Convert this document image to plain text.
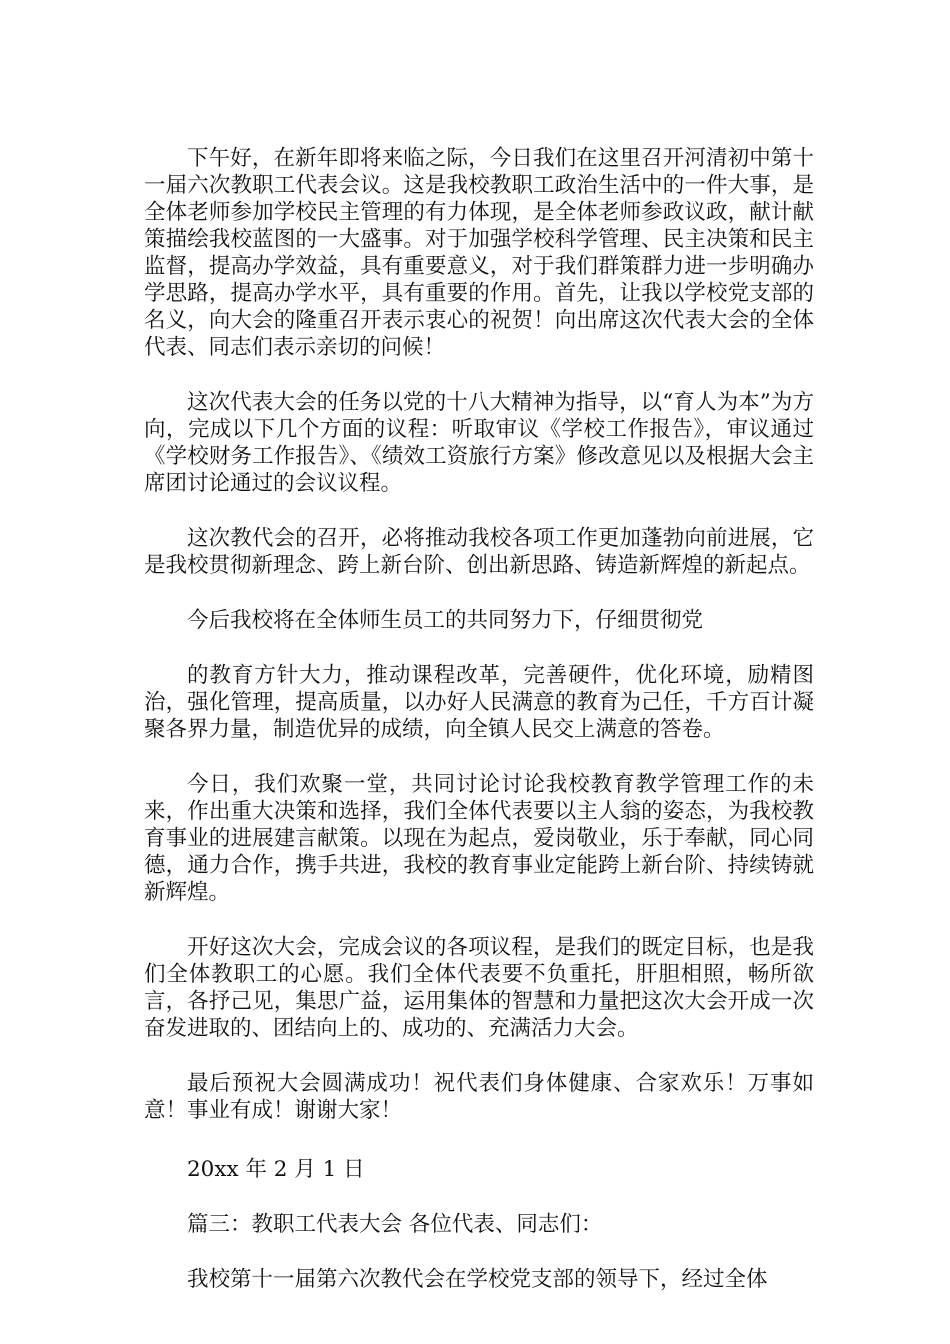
下午好，在新年即将来临之际，今日我们在这里召开河清初中第十一届六次教职工代表会议。这是我校教职工政治生活中的一件大事，是全体老师参加学校民主管理的有力体现，是全体老师参政议政，献计献策描绘我校蓝图的一大盛事。对于加强学校科学管理、民主决策和民主监督，提高办学效益，具有重要意义，对于我们群策群力进一步明确办学思路，提高办学水平，具有重要的作用。首先，让我以学校党支部的名义，向大会的隆重召开表示衷心的祝贺！向出席这次代表大会的全体代表、同志们表示亲切的问候！

这次代表大会的任务以党的十八大精神为指导，以“育人为本”为方向，完成以下几个方面的议程：听取审议《学校工作报告》，审议通过《学校财务工作报告》、《绩效工资旅行方案》修改意见以及根据大会主席团讨论通过的会议议程。

这次教代会的召开，必将推动我校各项工作更加蓬勃向前进展，它是我校贯彻新理念、跨上新台阶、创出新思路、铸造新辉煌的新起点。

今后我校将在全体师生员工的共同努力下，仔细贯彻党

的教育方针大力，推动课程改革，完善硬件，优化环境，励精图治，强化管理，提高质量，以办好人民满意的教育为己任，千方百计凝聚各界力量，制造优异的成绩，向全镇人民交上满意的答卷。

今日，我们欢聚一堂，共同讨论讨论我校教育教学管理工作的未来，作出重大决策和选择，我们全体代表要以主人翁的姿态，为我校教育事业的进展建言献策。以现在为起点，爱岗敬业，乐于奉献，同心同德，通力合作，携手共进，我校的教育事业定能跨上新台阶、持续铸就新辉煌。

开好这次大会，完成会议的各项议程，是我们的既定目标，也是我们全体教职工的心愿。我们全体代表要不负重托，肝胆相照，畅所欲言，各抒己见，集思广益，运用集体的智慧和力量把这次大会开成一次奋发进取的、团结向上的、成功的、充满活力大会。

最后预祝大会圆满成功！祝代表们身体健康、合家欢乐！万事如意！事业有成！谢谢大家！

20xx 年 2 月 1 日

篇三：教职工代表大会 各位代表、同志们：

我校第十一届第六次教代会在学校党支部的领导下，经过全体
